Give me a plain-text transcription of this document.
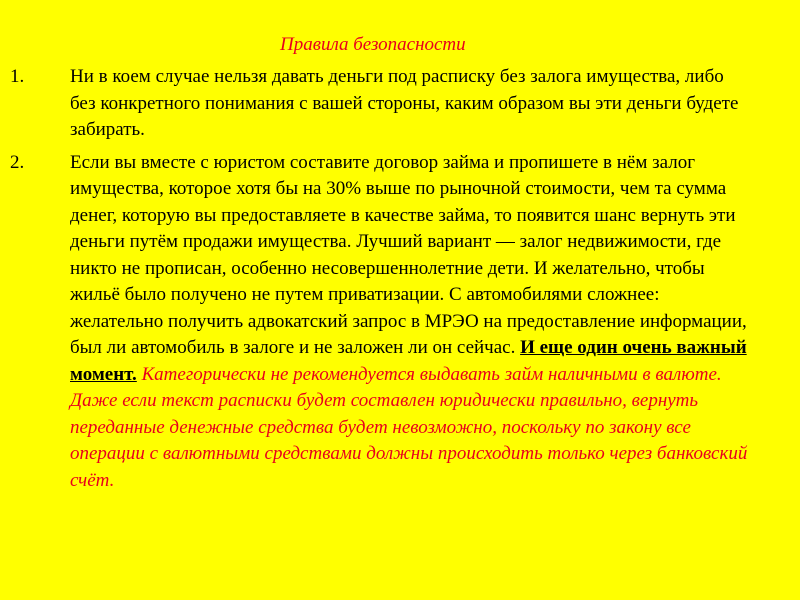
Правила безопасности
1.	Ни в коем случае нельзя давать деньги под расписку без залога имущества, либо без конкретного понимания с вашей стороны, каким образом вы эти деньги будете забирать.
2.	Если вы вместе с юристом составите договор займа и пропишете в нём залог имущества, которое хотя бы на 30% выше по рыночной стоимости, чем та сумма денег, которую вы предоставляете в качестве займа, то появится шанс вернуть эти деньги путём продажи имущества. Лучший вариант — залог недвижимости, где никто не прописан, особенно несовершеннолетние дети. И желательно, чтобы жильё было получено не путем приватизации. С автомобилями сложнее: желательно получить адвокатский запрос в МРЭО на предоставление информации, был ли автомобиль в залоге и не заложен ли он сейчас. И еще один очень важный момент. Категорически не рекомендуется выдавать займ наличными в валюте. Даже если текст расписки будет составлен юридически правильно, вернуть переданные денежные средства будет невозможно, поскольку по закону все операции с валютными средствами должны происходить только через банковский счёт.
